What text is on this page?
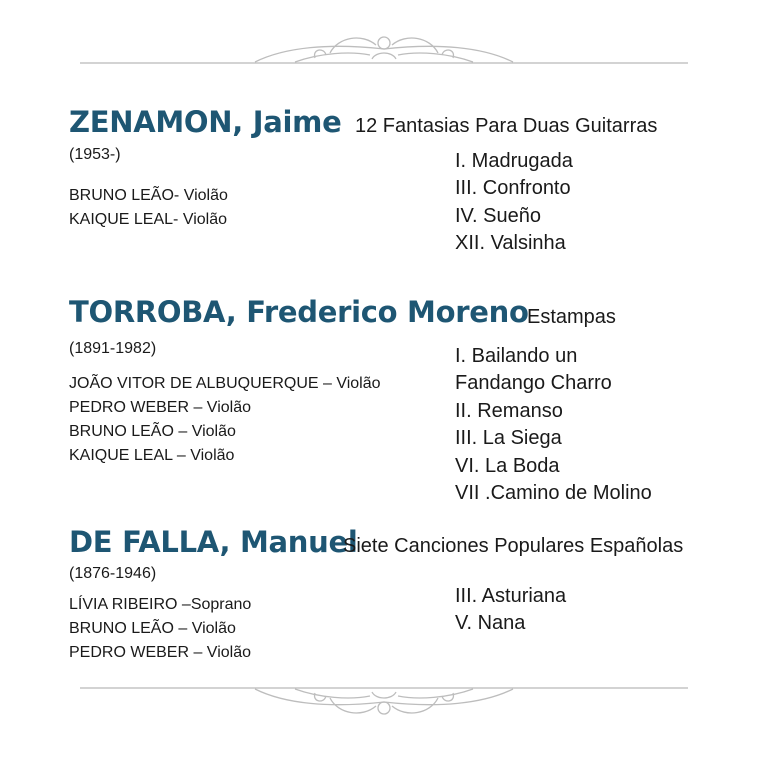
ZENAMON, Jaime
(1953-)
12 Fantasias Para Duas Guitarras
BRUNO LEÃO- Violão
KAIQUE LEAL- Violão
I. Madrugada
III. Confronto
IV. Sueño
XII. Valsinha
TORROBA, Frederico Moreno
(1891-1982)
Estampas
JOÃO VITOR DE ALBUQUERQUE – Violão
PEDRO WEBER – Violão
BRUNO LEÃO – Violão
KAIQUE LEAL – Violão
I. Bailando un
Fandango Charro
II. Remanso
III. La Siega
VI. La Boda
VII .Camino de Molino
DE FALLA, Manuel
(1876-1946)
Siete Canciones Populares Españolas
LÍVIA RIBEIRO –Soprano
BRUNO LEÃO – Violão
PEDRO WEBER – Violão
III. Asturiana
V. Nana
